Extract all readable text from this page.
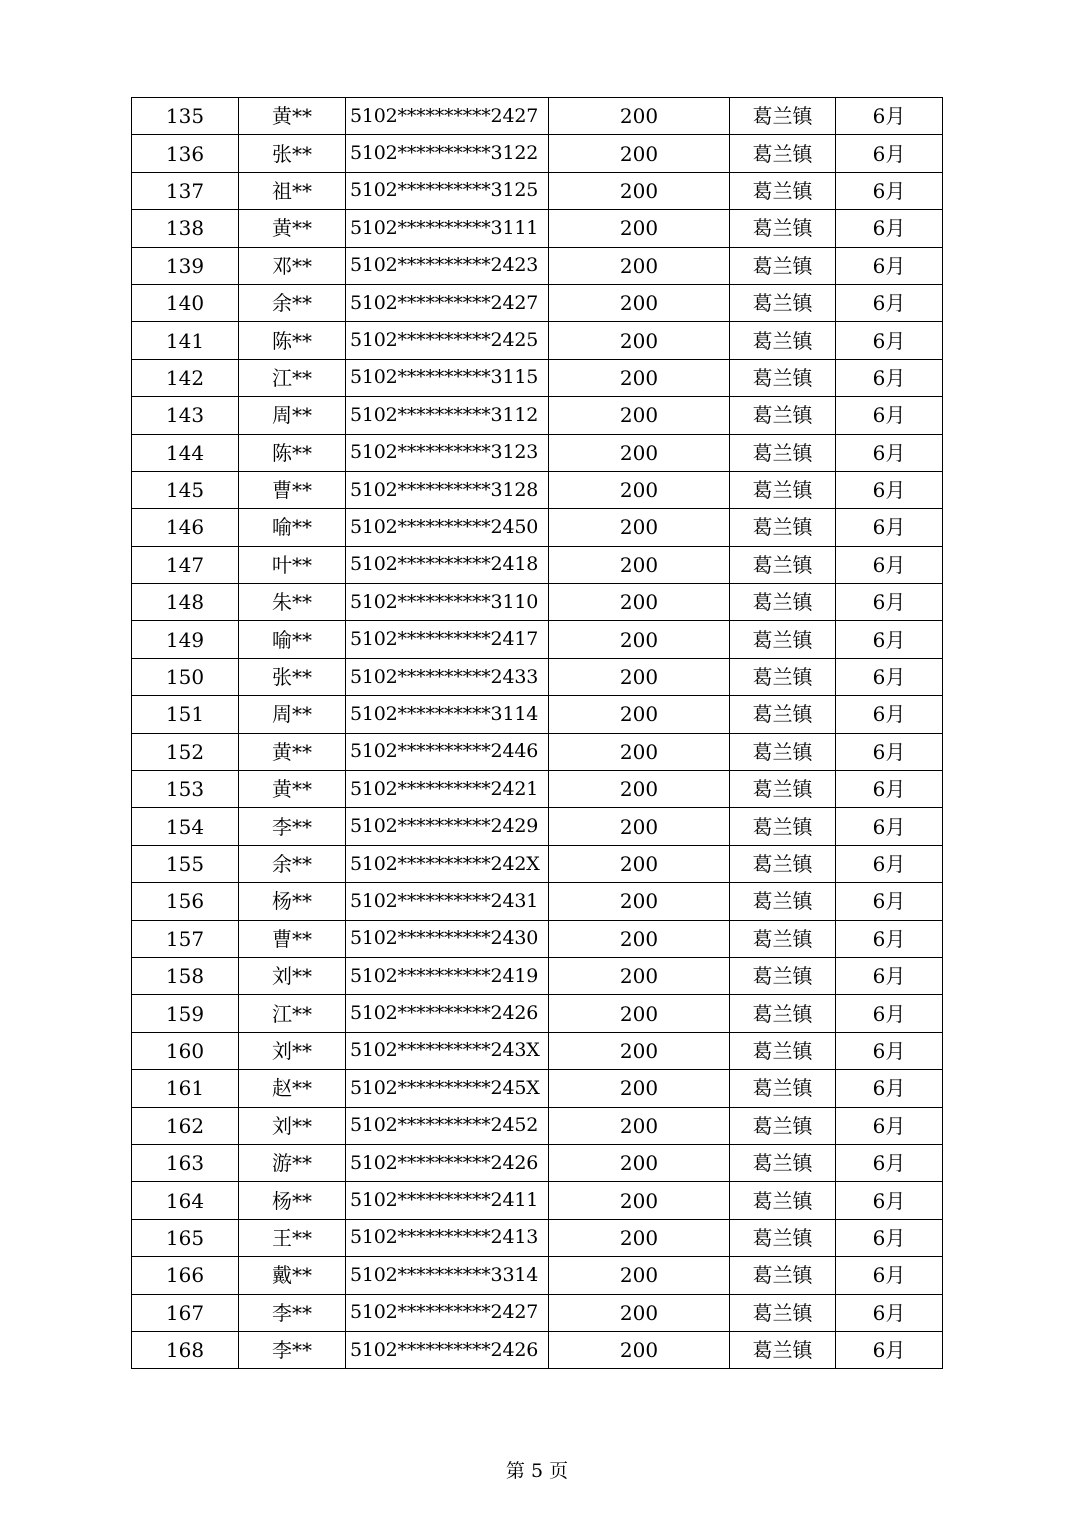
135	黄**	5102**********2427	200	葛兰镇	6月
136	张**	5102**********3122	200	葛兰镇	6月
137	祖**	5102**********3125	200	葛兰镇	6月
138	黄**	5102**********3111	200	葛兰镇	6月
139	邓**	5102**********2423	200	葛兰镇	6月
140	余**	5102**********2427	200	葛兰镇	6月
141	陈**	5102**********2425	200	葛兰镇	6月
142	江**	5102**********3115	200	葛兰镇	6月
143	周**	5102**********3112	200	葛兰镇	6月
144	陈**	5102**********3123	200	葛兰镇	6月
145	曹**	5102**********3128	200	葛兰镇	6月
146	喻**	5102**********2450	200	葛兰镇	6月
147	叶**	5102**********2418	200	葛兰镇	6月
148	朱**	5102**********3110	200	葛兰镇	6月
149	喻**	5102**********2417	200	葛兰镇	6月
150	张**	5102**********2433	200	葛兰镇	6月
151	周**	5102**********3114	200	葛兰镇	6月
152	黄**	5102**********2446	200	葛兰镇	6月
153	黄**	5102**********2421	200	葛兰镇	6月
154	李**	5102**********2429	200	葛兰镇	6月
155	余**	5102**********242X	200	葛兰镇	6月
156	杨**	5102**********2431	200	葛兰镇	6月
157	曹**	5102**********2430	200	葛兰镇	6月
158	刘**	5102**********2419	200	葛兰镇	6月
159	江**	5102**********2426	200	葛兰镇	6月
160	刘**	5102**********243X	200	葛兰镇	6月
161	赵**	5102**********245X	200	葛兰镇	6月
162	刘**	5102**********2452	200	葛兰镇	6月
163	游**	5102**********2426	200	葛兰镇	6月
164	杨**	5102**********2411	200	葛兰镇	6月
165	王**	5102**********2413	200	葛兰镇	6月
166	戴**	5102**********3314	200	葛兰镇	6月
167	李**	5102**********2427	200	葛兰镇	6月
168	李**	5102**********2426	200	葛兰镇	6月
第 5 页
